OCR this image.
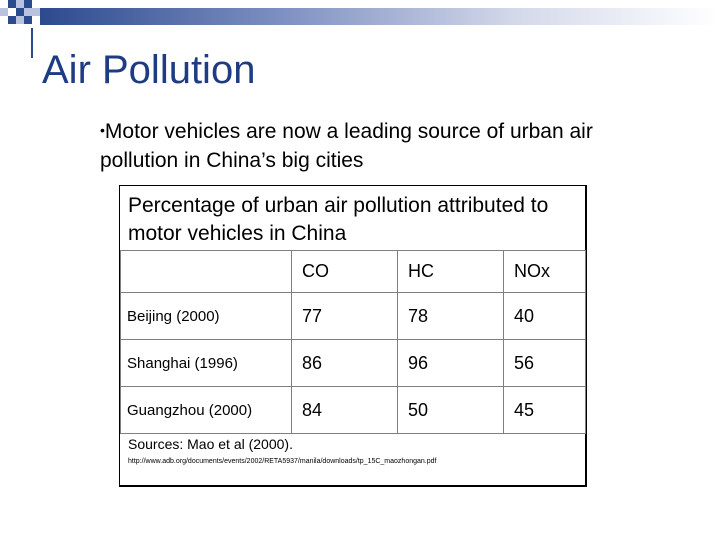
Air Pollution
•Motor vehicles are now a leading source of urban air pollution in China’s big cities
Percentage of urban air pollution attributed to motor vehicles in China
	CO	HC	NOx
Beijing (2000)	77	78	40
Shanghai (1996)	86	96	56
Guangzhou (2000)	84	50	45
Sources: Mao et al (2000).
http://www.adb.org/documents/events/2002/RETA5937/manila/downloads/tp_15C_maozhongan.pdf
